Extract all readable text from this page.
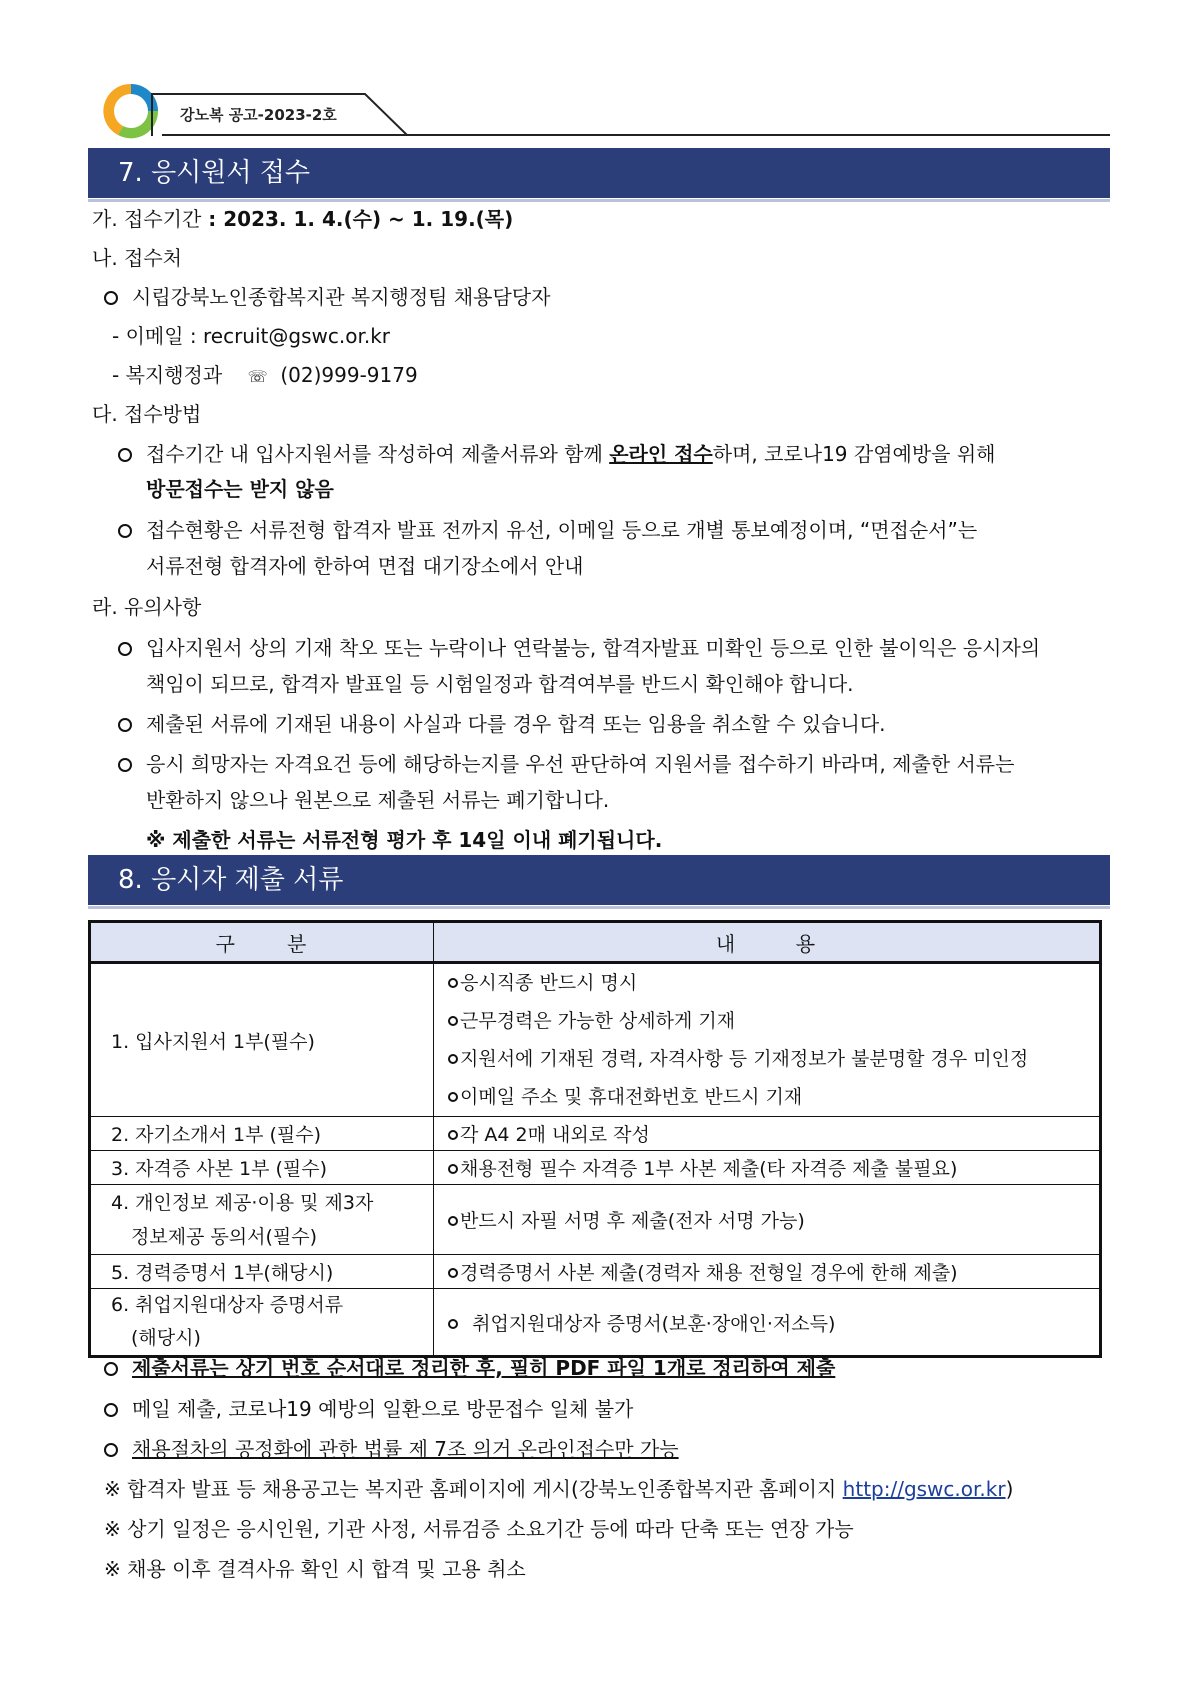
강노복 공고-2023-2호
7. 응시원서 접수
가. 접수기간 : 2023. 1. 4.(수) ~ 1. 19.(목)
나. 접수처
시립강북노인종합복지관 복지행정팀 채용담당자
- 이메일 : recruit@gswc.or.kr
- 복지행정과 ☏ (02)999-9179
다. 접수방법
접수기간 내 입사지원서를 작성하여 제출서류와 함께 온라인 접수하며, 코로나19 감염예방을 위해
방문접수는 받지 않음
접수현황은 서류전형 합격자 발표 전까지 유선, 이메일 등으로 개별 통보예정이며, “면접순서”는
서류전형 합격자에 한하여 면접 대기장소에서 안내
라. 유의사항
입사지원서 상의 기재 착오 또는 누락이나 연락불능, 합격자발표 미확인 등으로 인한 불이익은 응시자의
책임이 되므로, 합격자 발표일 등 시험일정과 합격여부를 반드시 확인해야 합니다.
제출된 서류에 기재된 내용이 사실과 다를 경우 합격 또는 임용을 취소할 수 있습니다.
응시 희망자는 자격요건 등에 해당하는지를 우선 판단하여 지원서를 접수하기 바라며, 제출한 서류는
반환하지 않으나 원본으로 제출된 서류는 폐기합니다.
※ 제출한 서류는 서류전형 평가 후 14일 이내 폐기됩니다.
8. 응시자 제출 서류
구      분	내       용
1. 입사지원서 1부(필수)	응시직종 반드시 명시
근무경력은 가능한 상세하게 기재
지원서에 기재된 경력, 자격사항 등 기재정보가 불분명할 경우 미인정
이메일 주소 및 휴대전화번호 반드시 기재

2. 자기소개서 1부 (필수)	각 A4 2매 내외로 작성
3. 자격증 사본 1부 (필수)	채용전형 필수 자격증 1부 사본 제출(타 자격증 제출 불필요)

4. 개인정보 제공·이용 및 제3자
정보제공 동의서(필수)	반드시 자필 서명 후 제출(전자 서명 가능)
5. 경력증명서 1부(해당시)	경력증명서 사본 제출(경력자 채용 전형일 경우에 한해 제출)

6. 취업지원대상자 증명서류
(해당시)	취업지원대상자 증명서(보훈·장애인·저소득)
제출서류는 상기 번호 순서대로 정리한 후, 필히 PDF 파일 1개로 정리하여 제출
메일 제출, 코로나19 예방의 일환으로 방문접수 일체 불가
채용절차의 공정화에 관한 법률 제 7조 의거 온라인접수만 가능
※ 합격자 발표 등 채용공고는 복지관 홈페이지에 게시(강북노인종합복지관 홈페이지 http://gswc.or.kr)
※ 상기 일정은 응시인원, 기관 사정, 서류검증 소요기간 등에 따라 단축 또는 연장 가능
※ 채용 이후 결격사유 확인 시 합격 및 고용 취소
